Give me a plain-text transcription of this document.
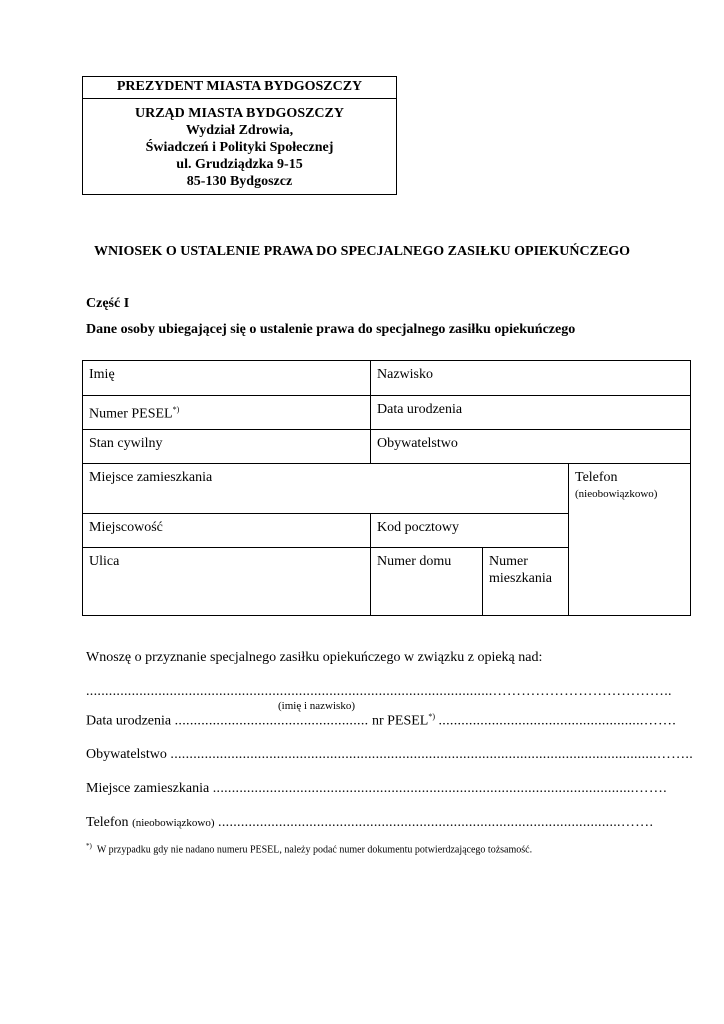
PREZYDENT MIASTA BYDGOSZCZY
URZĄD MIASTA BYDGOSZCZY
Wydział Zdrowia,
Świadczeń i Polityki Społecznej
ul. Grudziądzka 9-15
85-130 Bydgoszcz
WNIOSEK O USTALENIE PRAWA DO SPECJALNEGO ZASIŁKU OPIEKUŃCZEGO
Część I
Dane osoby ubiegającej się o ustalenie prawa do specjalnego zasiłku opiekuńczego
Imię	Nazwisko		
Numer PESEL*)	Data urodzenia		
Stan cywilny	Obywatelstwo		
Miejsce zamieszkania			Telefon
(nieobowiązkowo)

Miejscowość	Kod pocztowy		
Ulica	Numer domu	Numer
mieszkania	
Wnoszę o przyznanie specjalnego zasiłku opiekuńczego w związku z opieką nad:
...........................................................................................................………………………………..
(imię i nazwisko)
Data urodzenia ................................................... nr PESEL*) ......................................................…….
Obywatelstwo ................................................................................................................................……..
Miejsce zamieszkania ...............................................................................................................…….
Telefon (nieobowiązkowo) ..........................................................................................................…….
*) W przypadku gdy nie nadano numeru PESEL, należy podać numer dokumentu potwierdzającego tożsamość.
